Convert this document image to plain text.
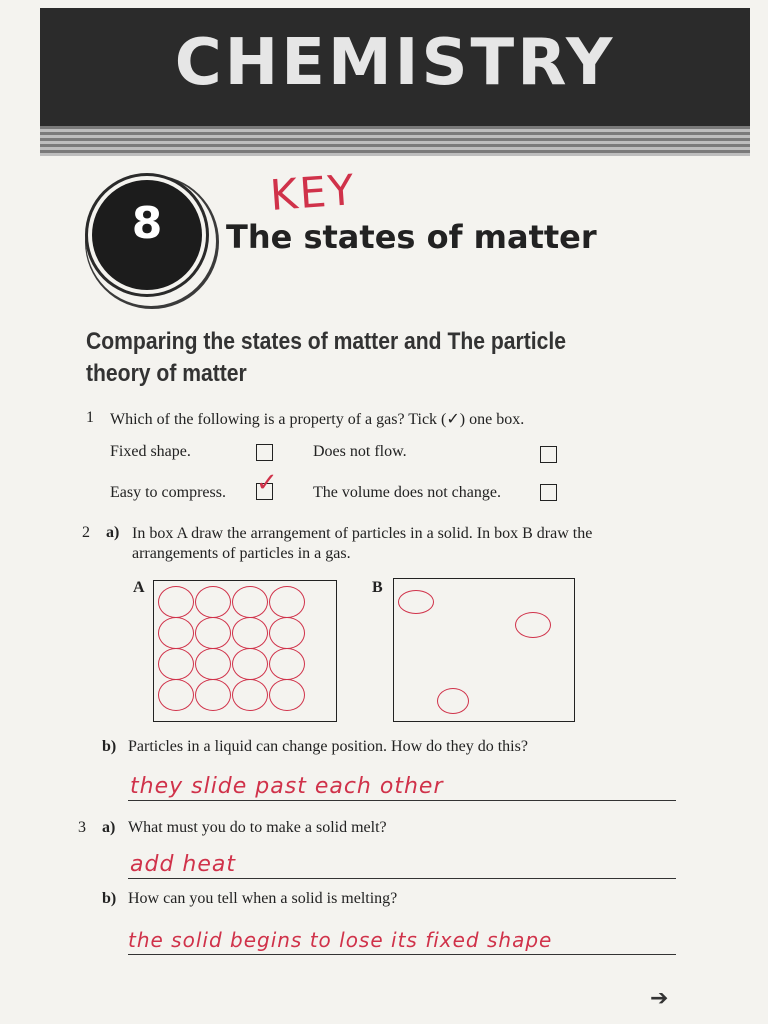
CHEMISTRY
8
KEY
The states of matter
Comparing the states of matter and The particle theory of matter
1 Which of the following is a property of a gas? Tick (✓) one box.
Fixed shape.	Does not flow.
Easy to compress. ✓ The volume does not change.
2 a) In box A draw the arrangement of particles in a solid. In box B draw the arrangements of particles in a gas.
A	B
b) Particles in a liquid can change position. How do they do this?
they slide past each other
3 a) What must you do to make a solid melt?
add heat
b) How can you tell when a solid is melting?
the solid begins to lose its fixed shape
➔
